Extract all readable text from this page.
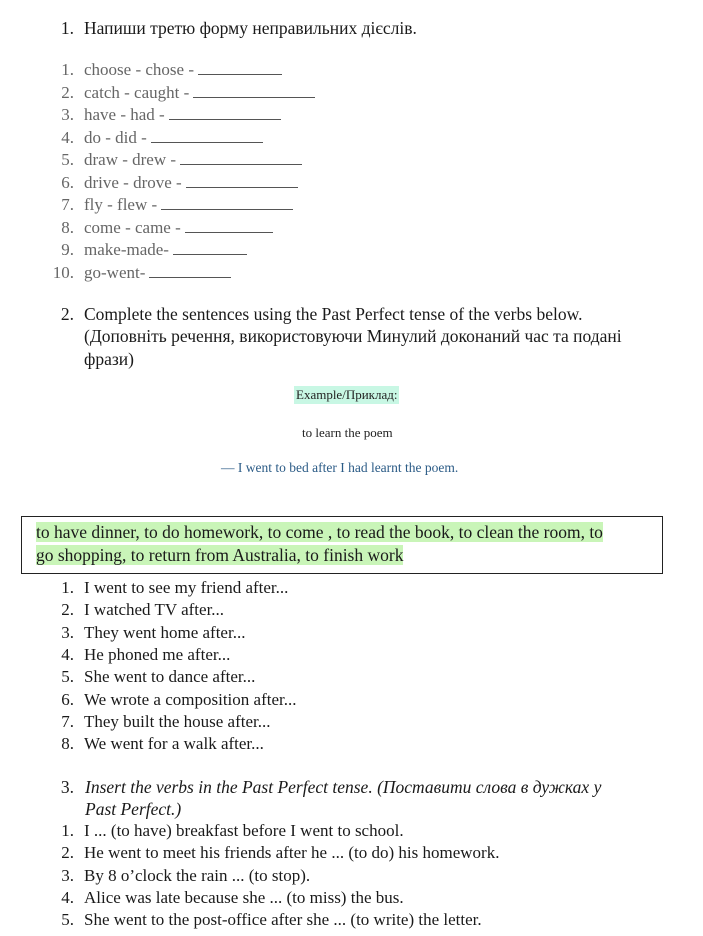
1. Напиши третю форму неправильних дієслів.
1. choose - chose -
2. catch - caught -
3. have - had -
4. do - did -
5. draw - drew -
6. drive - drove -
7. fly - flew -
8. come - came -
9. make-made-
10. go-went-
2. Complete the sentences using the Past Perfect tense of the verbs below.
(Доповніть речення, використовуючи Минулий доконаний час та подані
фрази)
Example/Приклад:
to learn the poem
— I went to bed after I had learnt the poem.
to have dinner, to do homework, to come , to read the book, to clean the room, to
go shopping, to return from Australia, to finish work
1. I went to see my friend after...
2. I watched TV after...
3. They went home after...
4. He phoned me after...
5. She went to dance after...
6. We wrote a composition after...
7. They built the house after...
8. We went for a walk after...
3. Insert the verbs in the Past Perfect tense. (Поставити слова в дужках у
Past Perfect.)
1. I ... (to have) breakfast before I went to school.
2. He went to meet his friends after he ... (to do) his homework.
3. By 8 o’clock the rain ... (to stop).
4. Alice was late because she ... (to miss) the bus.
5. She went to the post-office after she ... (to write) the letter.
